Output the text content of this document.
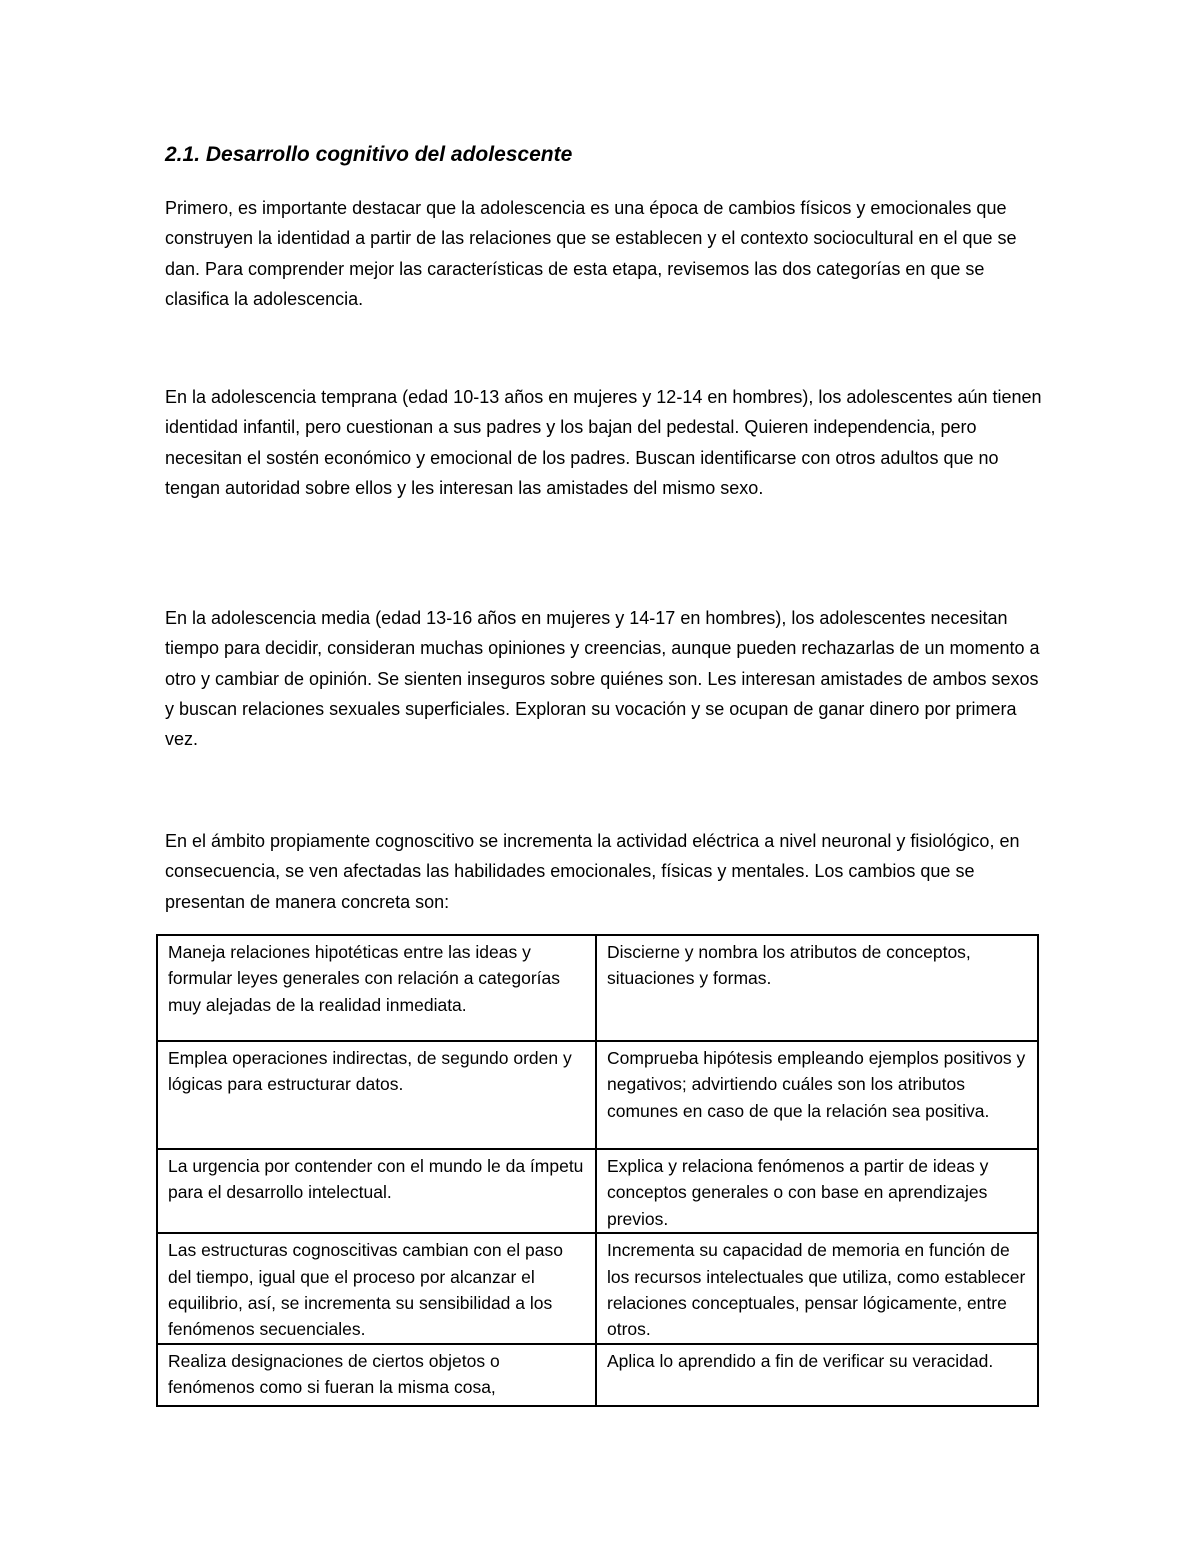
2.1. Desarrollo cognitivo del adolescente

Primero, es importante destacar que la adolescencia es una época de cambios físicos y emocionales que construyen la identidad a partir de las relaciones que se establecen y el contexto sociocultural en el que se dan. Para comprender mejor las características de esta etapa, revisemos las dos categorías en que se clasifica la adolescencia.

En la adolescencia temprana (edad 10-13 años en mujeres y 12-14 en hombres), los adolescentes aún tienen identidad infantil, pero cuestionan a sus padres y los bajan del pedestal. Quieren independencia, pero necesitan el sostén económico y emocional de los padres. Buscan identificarse con otros adultos que no tengan autoridad sobre ellos y les interesan las amistades del mismo sexo.

En la adolescencia media (edad 13-16 años en mujeres y 14-17 en hombres), los adolescentes necesitan tiempo para decidir, consideran muchas opiniones y creencias, aunque pueden rechazarlas de un momento a otro y cambiar de opinión. Se sienten inseguros sobre quiénes son. Les interesan amistades de ambos sexos y buscan relaciones sexuales superficiales. Exploran su vocación y se ocupan de ganar dinero por primera vez.

En el ámbito propiamente cognoscitivo se incrementa la actividad eléctrica a nivel neuronal y fisiológico, en consecuencia, se ven afectadas las habilidades emocionales, físicas y mentales. Los cambios que se presentan de manera concreta son:

Maneja relaciones hipotéticas entre las ideas y formular leyes generales con relación a categorías muy alejadas de la realidad inmediata.	Discierne y nombra los atributos de conceptos, situaciones y formas.
Emplea operaciones indirectas, de segundo orden y lógicas para estructurar datos.	Comprueba hipótesis empleando ejemplos positivos y negativos; advirtiendo cuáles son los atributos comunes en caso de que la relación sea positiva.
La urgencia por contender con el mundo le da ímpetu para el desarrollo intelectual.	Explica y relaciona fenómenos a partir de ideas y conceptos generales o con base en aprendizajes previos.
Las estructuras cognoscitivas cambian con el paso del tiempo, igual que el proceso por alcanzar el equilibrio, así, se incrementa su sensibilidad a los fenómenos secuenciales.	Incrementa su capacidad de memoria en función de los recursos intelectuales que utiliza, como establecer relaciones conceptuales, pensar lógicamente, entre otros.
Realiza designaciones de ciertos objetos o fenómenos como si fueran la misma cosa,	Aplica lo aprendido a fin de verificar su veracidad.
